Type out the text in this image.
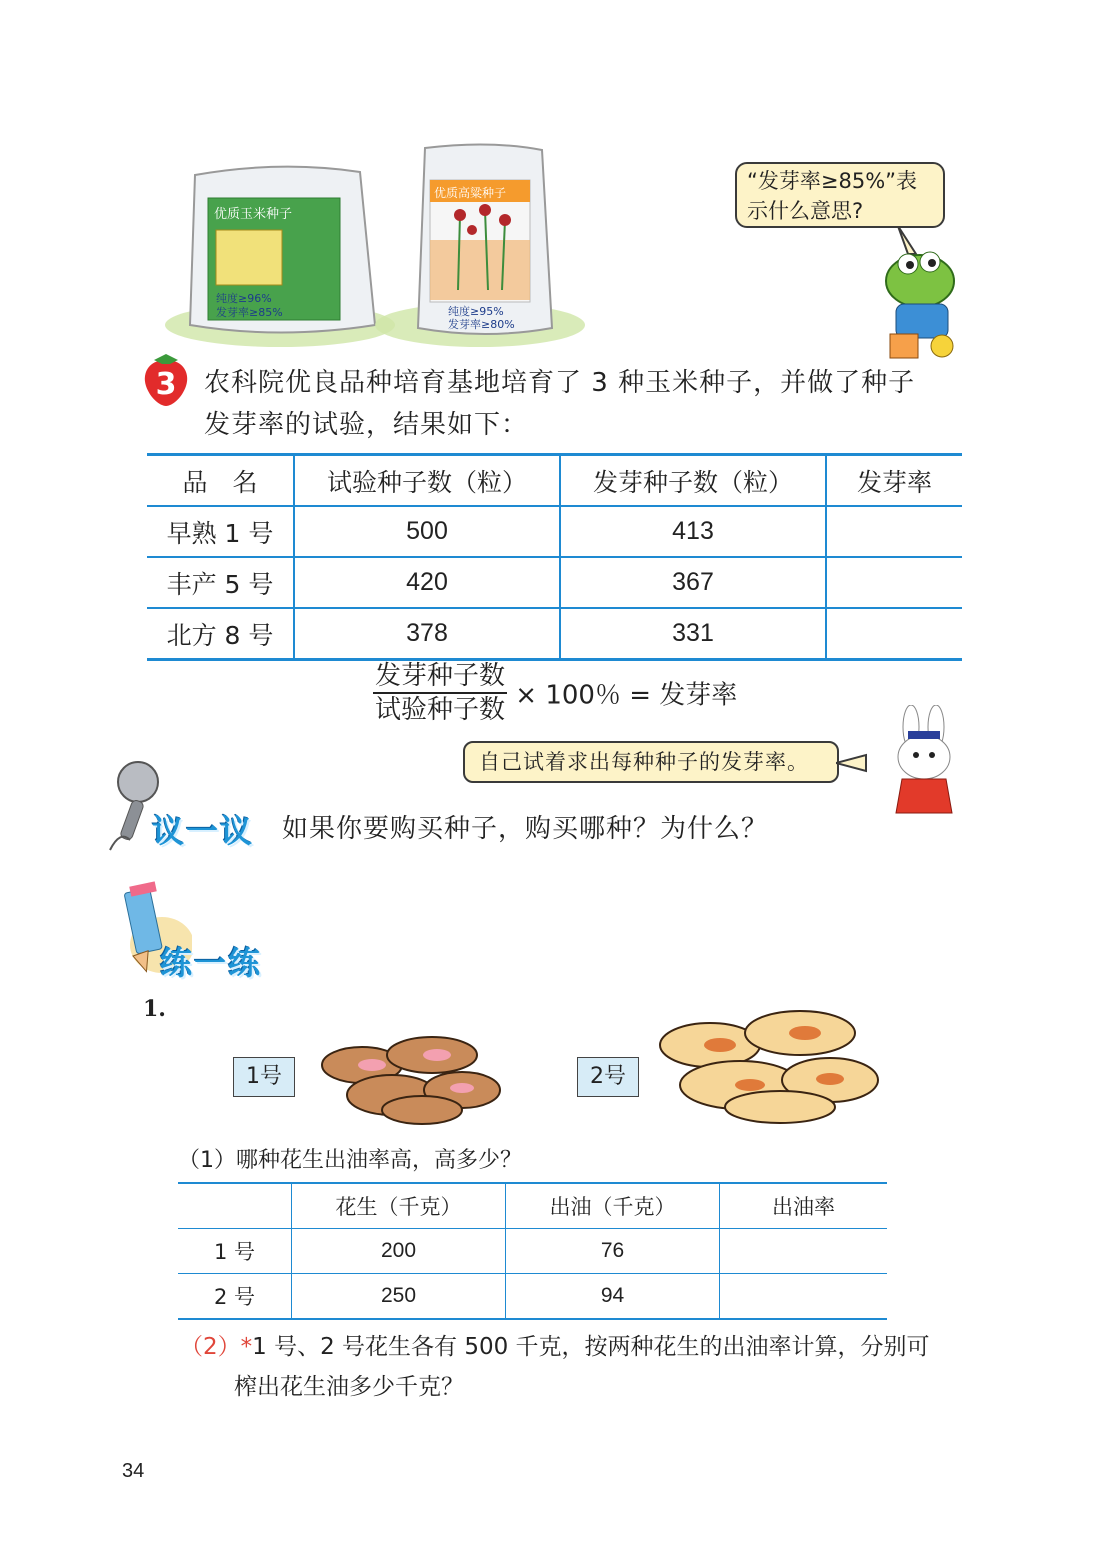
优质玉米种子
纯度≥96%
发芽率≥85%
优质高粱种子
纯度≥95%
发芽率≥80%
“发芽率≥85%”表
示什么意思?
3 农科院优良品种培育基地培育了 3 种玉米种子，并做了种子
发芽率的试验，结果如下：
品　名	试验种子数（粒）	发芽种子数（粒）	发芽率
早熟 1 号	500	413	
丰产 5 号	420	367	
北方 8 号	378	331	
$\frac{\text{发芽种子数}}{\text{试验种子数}} \times 100$％ = 发芽率
自己试着求出每种种子的发芽率。
议一议 如果你要购买种子，购买哪种？为什么？
练一练
1.
1号	2号
（1）哪种花生出油率高，高多少？
	花生（千克）	出油（千克）	出油率
1 号	200	76	
2 号	250	94	
（2）*1 号、2 号花生各有 500 千克，按两种花生的出油率计算，分别可
榨出花生油多少千克？
34
